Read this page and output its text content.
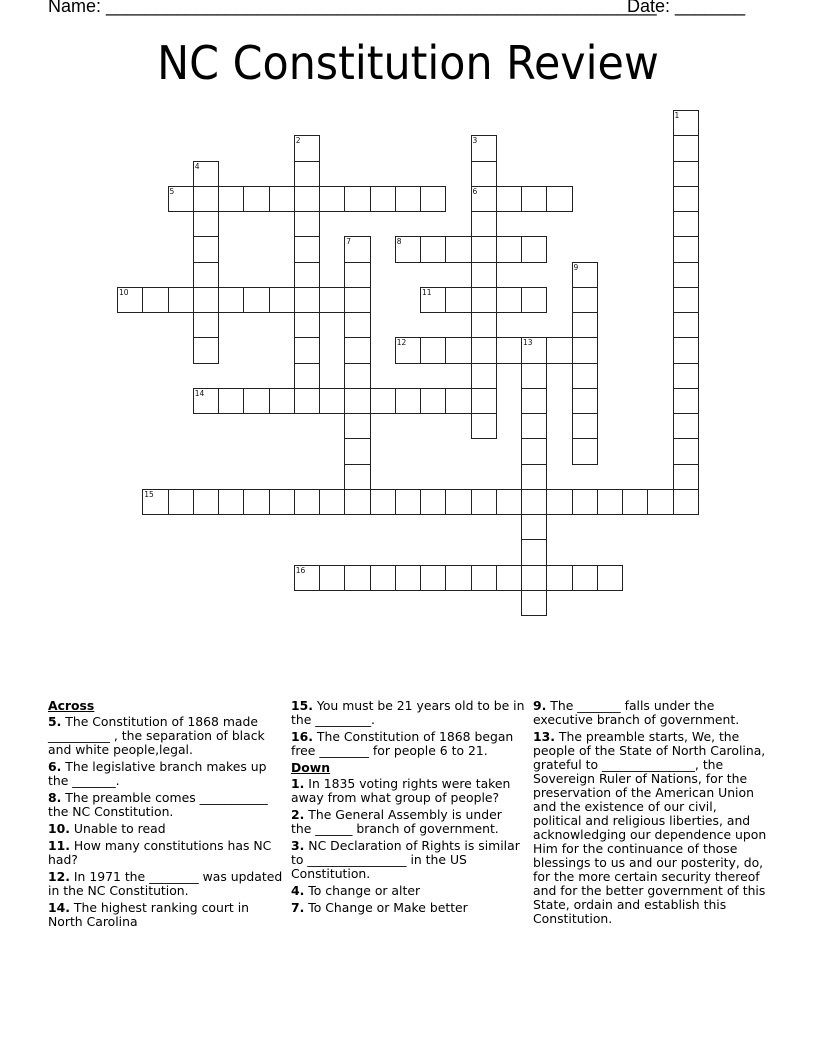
Name: _______________________________________________________

Date: _______

NC Constitution Review
1
2	3
6
4
5
7	8
9
10	11
12	13
14
15
16
Across
5. The Constitution of 1868 made __________ , the separation of black and white people,legal.
6. The legislative branch makes up the _______.
8. The preamble comes ___________ the NC Constitution.
10. Unable to read
11. How many constitutions has NC had?
12. In 1971 the ________ was updated in the NC Constitution.
14. The highest ranking court in North Carolina
15. You must be 21 years old to be in the _________.
16. The Constitution of 1868 began free ________ for people 6 to 21.
Down
1. In 1835 voting rights were taken away from what group of people?
2. The General Assembly is under the ______ branch of government.
3. NC Declaration of Rights is similar to ________________ in the US Constitution.
4. To change or alter
7. To Change or Make better
9. The _______ falls under the executive branch of government.
13. The preamble starts, We, the people of the State of North Carolina, grateful to _______________, the Sovereign Ruler of Nations, for the preservation of the American Union and the existence of our civil, political and religious liberties, and acknowledging our dependence upon Him for the continuance of those blessings to us and our posterity, do, for the more certain security thereof and for the better government of this State, ordain and establish this Constitution.
